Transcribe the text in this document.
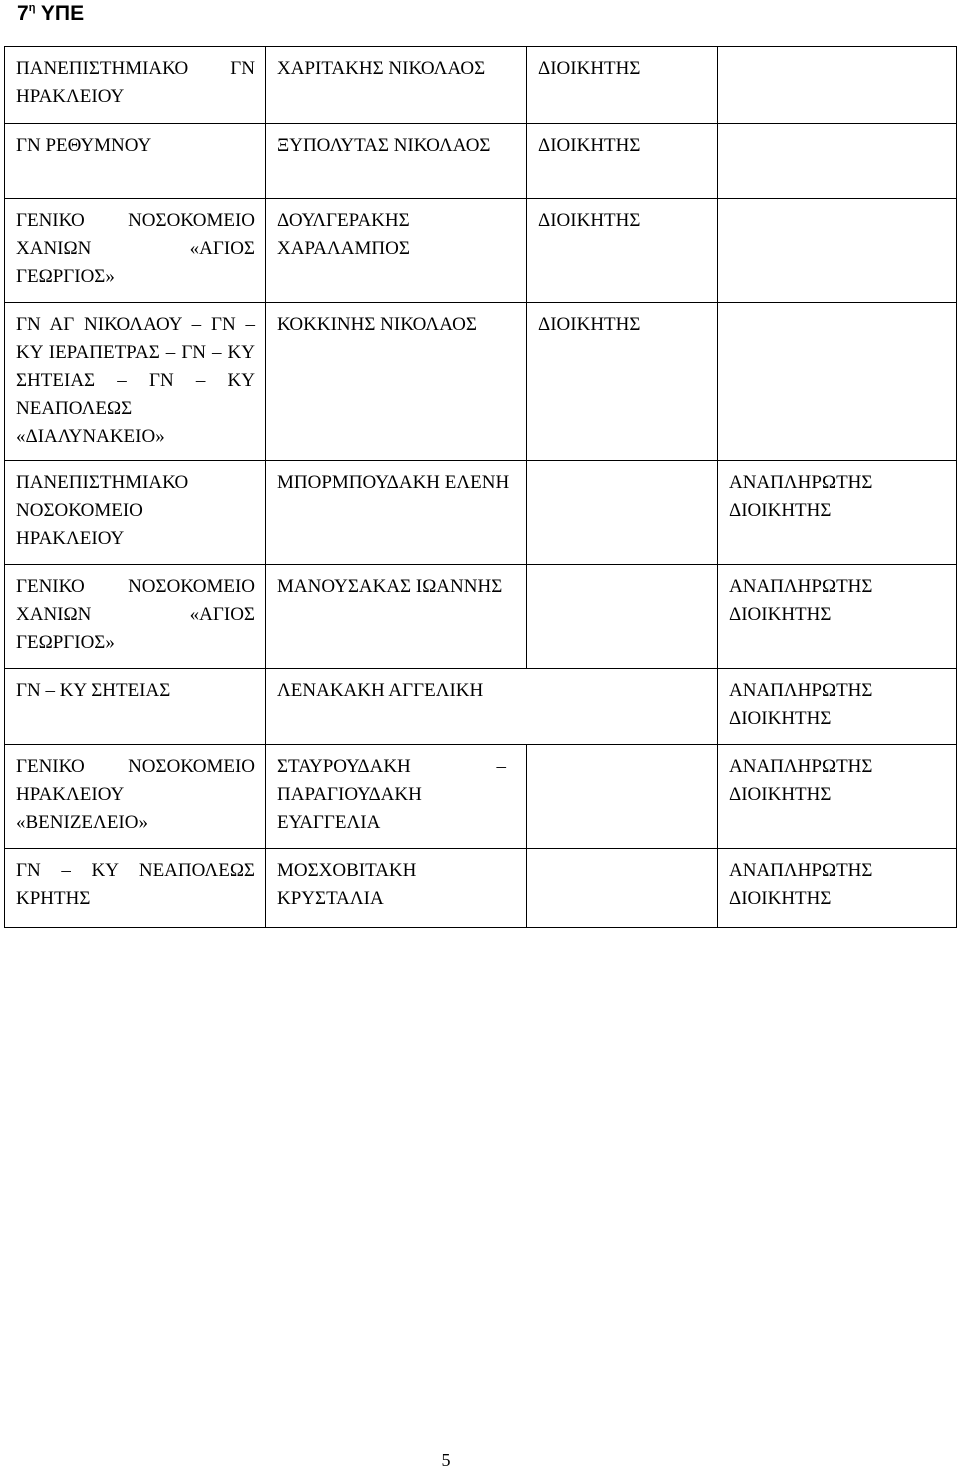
$7^\eta$ ΥΠΕ
ΠΑΝΕΠΙΣΤΗΜΙΑΚΟ ΓΝ ΗΡΑΚΛΕΙΟΥ	ΧΑΡΙΤΑΚΗΣ ΝΙΚΟΛΑΟΣ	ΔΙΟΙΚΗΤΗΣ	
ΓΝ ΡΕΘΥΜΝΟΥ	ΞΥΠΟΛΥΤΑΣ ΝΙΚΟΛΑΟΣ	ΔΙΟΙΚΗΤΗΣ	
ΓΕΝΙΚΟ ΝΟΣΟΚΟΜΕΙΟ ΧΑΝΙΩΝ «ΑΓΙΟΣ ΓΕΩΡΓΙΟΣ»	ΔΟΥΛΓΕΡΑΚΗΣ ΧΑΡΑΛΑΜΠΟΣ	ΔΙΟΙΚΗΤΗΣ	
ΓΝ ΑΓ ΝΙΚΟΛΑΟΥ – ΓΝ – ΚΥ ΙΕΡΑΠΕΤΡΑΣ – ΓΝ – ΚΥ ΣΗΤΕΙΑΣ – ΓΝ – ΚΥ ΝΕΑΠΟΛΕΩΣ «ΔΙΑΛΥΝΑΚΕΙΟ»	ΚΟΚΚΙΝΗΣ ΝΙΚΟΛΑΟΣ	ΔΙΟΙΚΗΤΗΣ	
ΠΑΝΕΠΙΣΤΗΜΙΑΚΟ ΝΟΣΟΚΟΜΕΙΟ ΗΡΑΚΛΕΙΟΥ	ΜΠΟΡΜΠΟΥΔΑΚΗ ΕΛΕΝΗ		ΑΝΑΠΛΗΡΩΤΗΣ ΔΙΟΙΚΗΤΗΣ
ΓΕΝΙΚΟ ΝΟΣΟΚΟΜΕΙΟ ΧΑΝΙΩΝ «ΑΓΙΟΣ ΓΕΩΡΓΙΟΣ»	ΜΑΝΟΥΣΑΚΑΣ ΙΩΑΝΝΗΣ		ΑΝΑΠΛΗΡΩΤΗΣ ΔΙΟΙΚΗΤΗΣ
ΓΝ – ΚΥ ΣΗΤΕΙΑΣ	ΛΕΝΑΚΑΚΗ ΑΓΓΕΛΙΚΗ		ΑΝΑΠΛΗΡΩΤΗΣ ΔΙΟΙΚΗΤΗΣ
ΓΕΝΙΚΟ ΝΟΣΟΚΟΜΕΙΟ ΗΡΑΚΛΕΙΟΥ «ΒΕΝΙΖΕΛΕΙΟ»	ΣΤΑΥΡΟΥΔΑΚΗ – ΠΑΡΑΓΙΟΥΔΑΚΗ ΕΥΑΓΓΕΛΙΑ		ΑΝΑΠΛΗΡΩΤΗΣ ΔΙΟΙΚΗΤΗΣ
ΓΝ – ΚΥ ΝΕΑΠΟΛΕΩΣ ΚΡΗΤΗΣ	ΜΟΣΧΟΒΙΤΑΚΗ ΚΡΥΣΤΑΛΙΑ		ΑΝΑΠΛΗΡΩΤΗΣ ΔΙΟΙΚΗΤΗΣ
5
